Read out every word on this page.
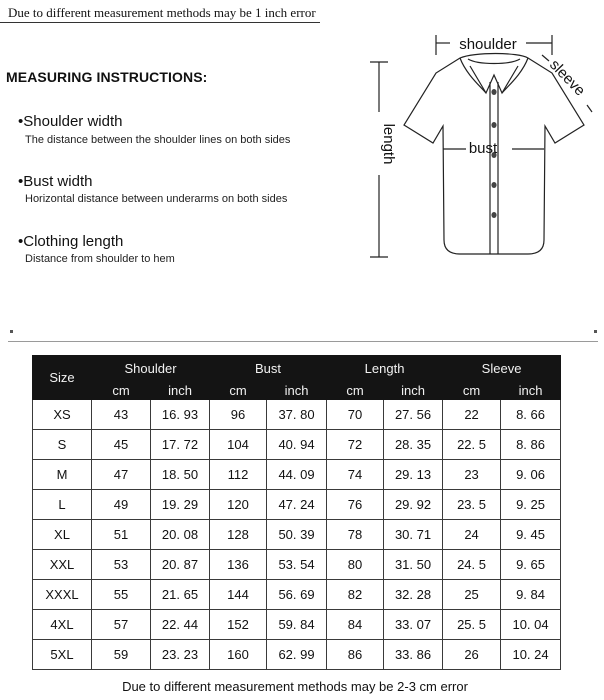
Due to different measurement methods may be 1 inch error
MEASURING INSTRUCTIONS:
•Shoulder width
The distance between the shoulder lines on both sides
•Bust width
Horizontal distance between underarms on both sides
•Clothing length
Distance from shoulder to hem
shoulder
bust
length
sleeve
Size	Shoulder		Bust		Length		Sleeve	
	cm	inch	cm	inch	cm	inch	cm	inch
XS	43	16. 93	96	37. 80	70	27. 56	22	8. 66
S	45	17. 72	104	40. 94	72	28. 35	22. 5	8. 86
M	47	18. 50	112	44. 09	74	29. 13	23	9. 06
L	49	19. 29	120	47. 24	76	29. 92	23. 5	9. 25
XL	51	20. 08	128	50. 39	78	30. 71	24	9. 45
XXL	53	20. 87	136	53. 54	80	31. 50	24. 5	9. 65
XXXL	55	21. 65	144	56. 69	82	32. 28	25	9. 84
4XL	57	22. 44	152	59. 84	84	33. 07	25. 5	10. 04
5XL	59	23. 23	160	62. 99	86	33. 86	26	10. 24
Due to different measurement methods may be 2-3 cm error
